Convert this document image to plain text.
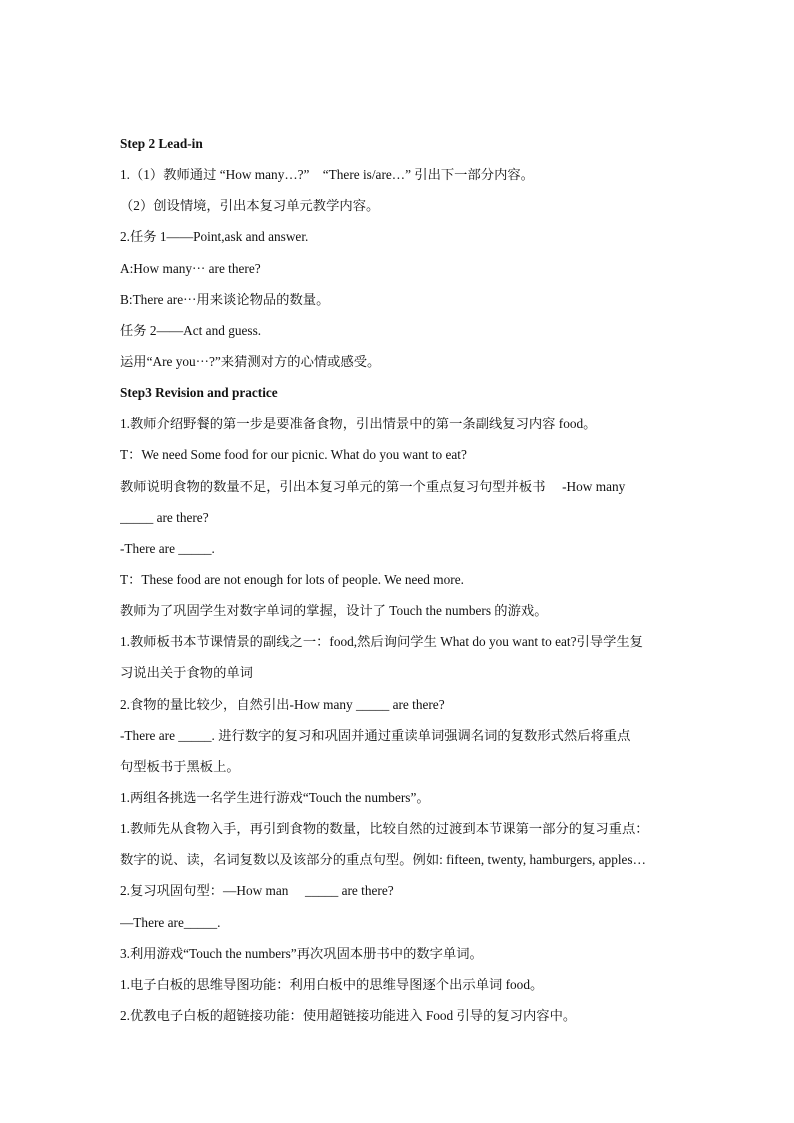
Step 2 Lead-in
1.（1）教师通过 “How many…?”　“There is/are…” 引出下一部分内容。
（2）创设情境，引出本复习单元教学内容。
2.任务 1——Point,ask and answer.
A:How many··· are there?
B:There are···用来谈论物品的数量。
任务 2——Act and guess.
运用“Are you···?”来猜测对方的心情或感受。
Step3 Revision and practice
1.教师介绍野餐的第一步是要准备食物，引出情景中的第一条副线复习内容 food。
T：We need Some food for our picnic. What do you want to eat?
教师说明食物的数量不足，引出本复习单元的第一个重点复习句型并板书　 -How many
_____ are there?
-There are _____.
T：These food are not enough for lots of people. We need more.
教师为了巩固学生对数字单词的掌握，设计了 Touch the numbers 的游戏。
1.教师板书本节课情景的副线之一：food,然后询问学生 What do you want to eat?引导学生复
习说出关于食物的单词
2.食物的量比较少，自然引出-How many _____ are there?
-There are _____. 进行数字的复习和巩固并通过重读单词强调名词的复数形式然后将重点
句型板书于黑板上。
1.两组各挑选一名学生进行游戏“Touch the numbers”。
1.教师先从食物入手，再引到食物的数量，比较自然的过渡到本节课第一部分的复习重点：
数字的说、读，名词复数以及该部分的重点句型。例如: fifteen, twenty, hamburgers, apples…
2.复习巩固句型：—How man　 _____ are there?
—There are_____.
3.利用游戏“Touch the numbers”再次巩固本册书中的数字单词。
1.电子白板的思维导图功能：利用白板中的思维导图逐个出示单词 food。
2.优教电子白板的超链接功能：使用超链接功能进入 Food 引导的复习内容中。
